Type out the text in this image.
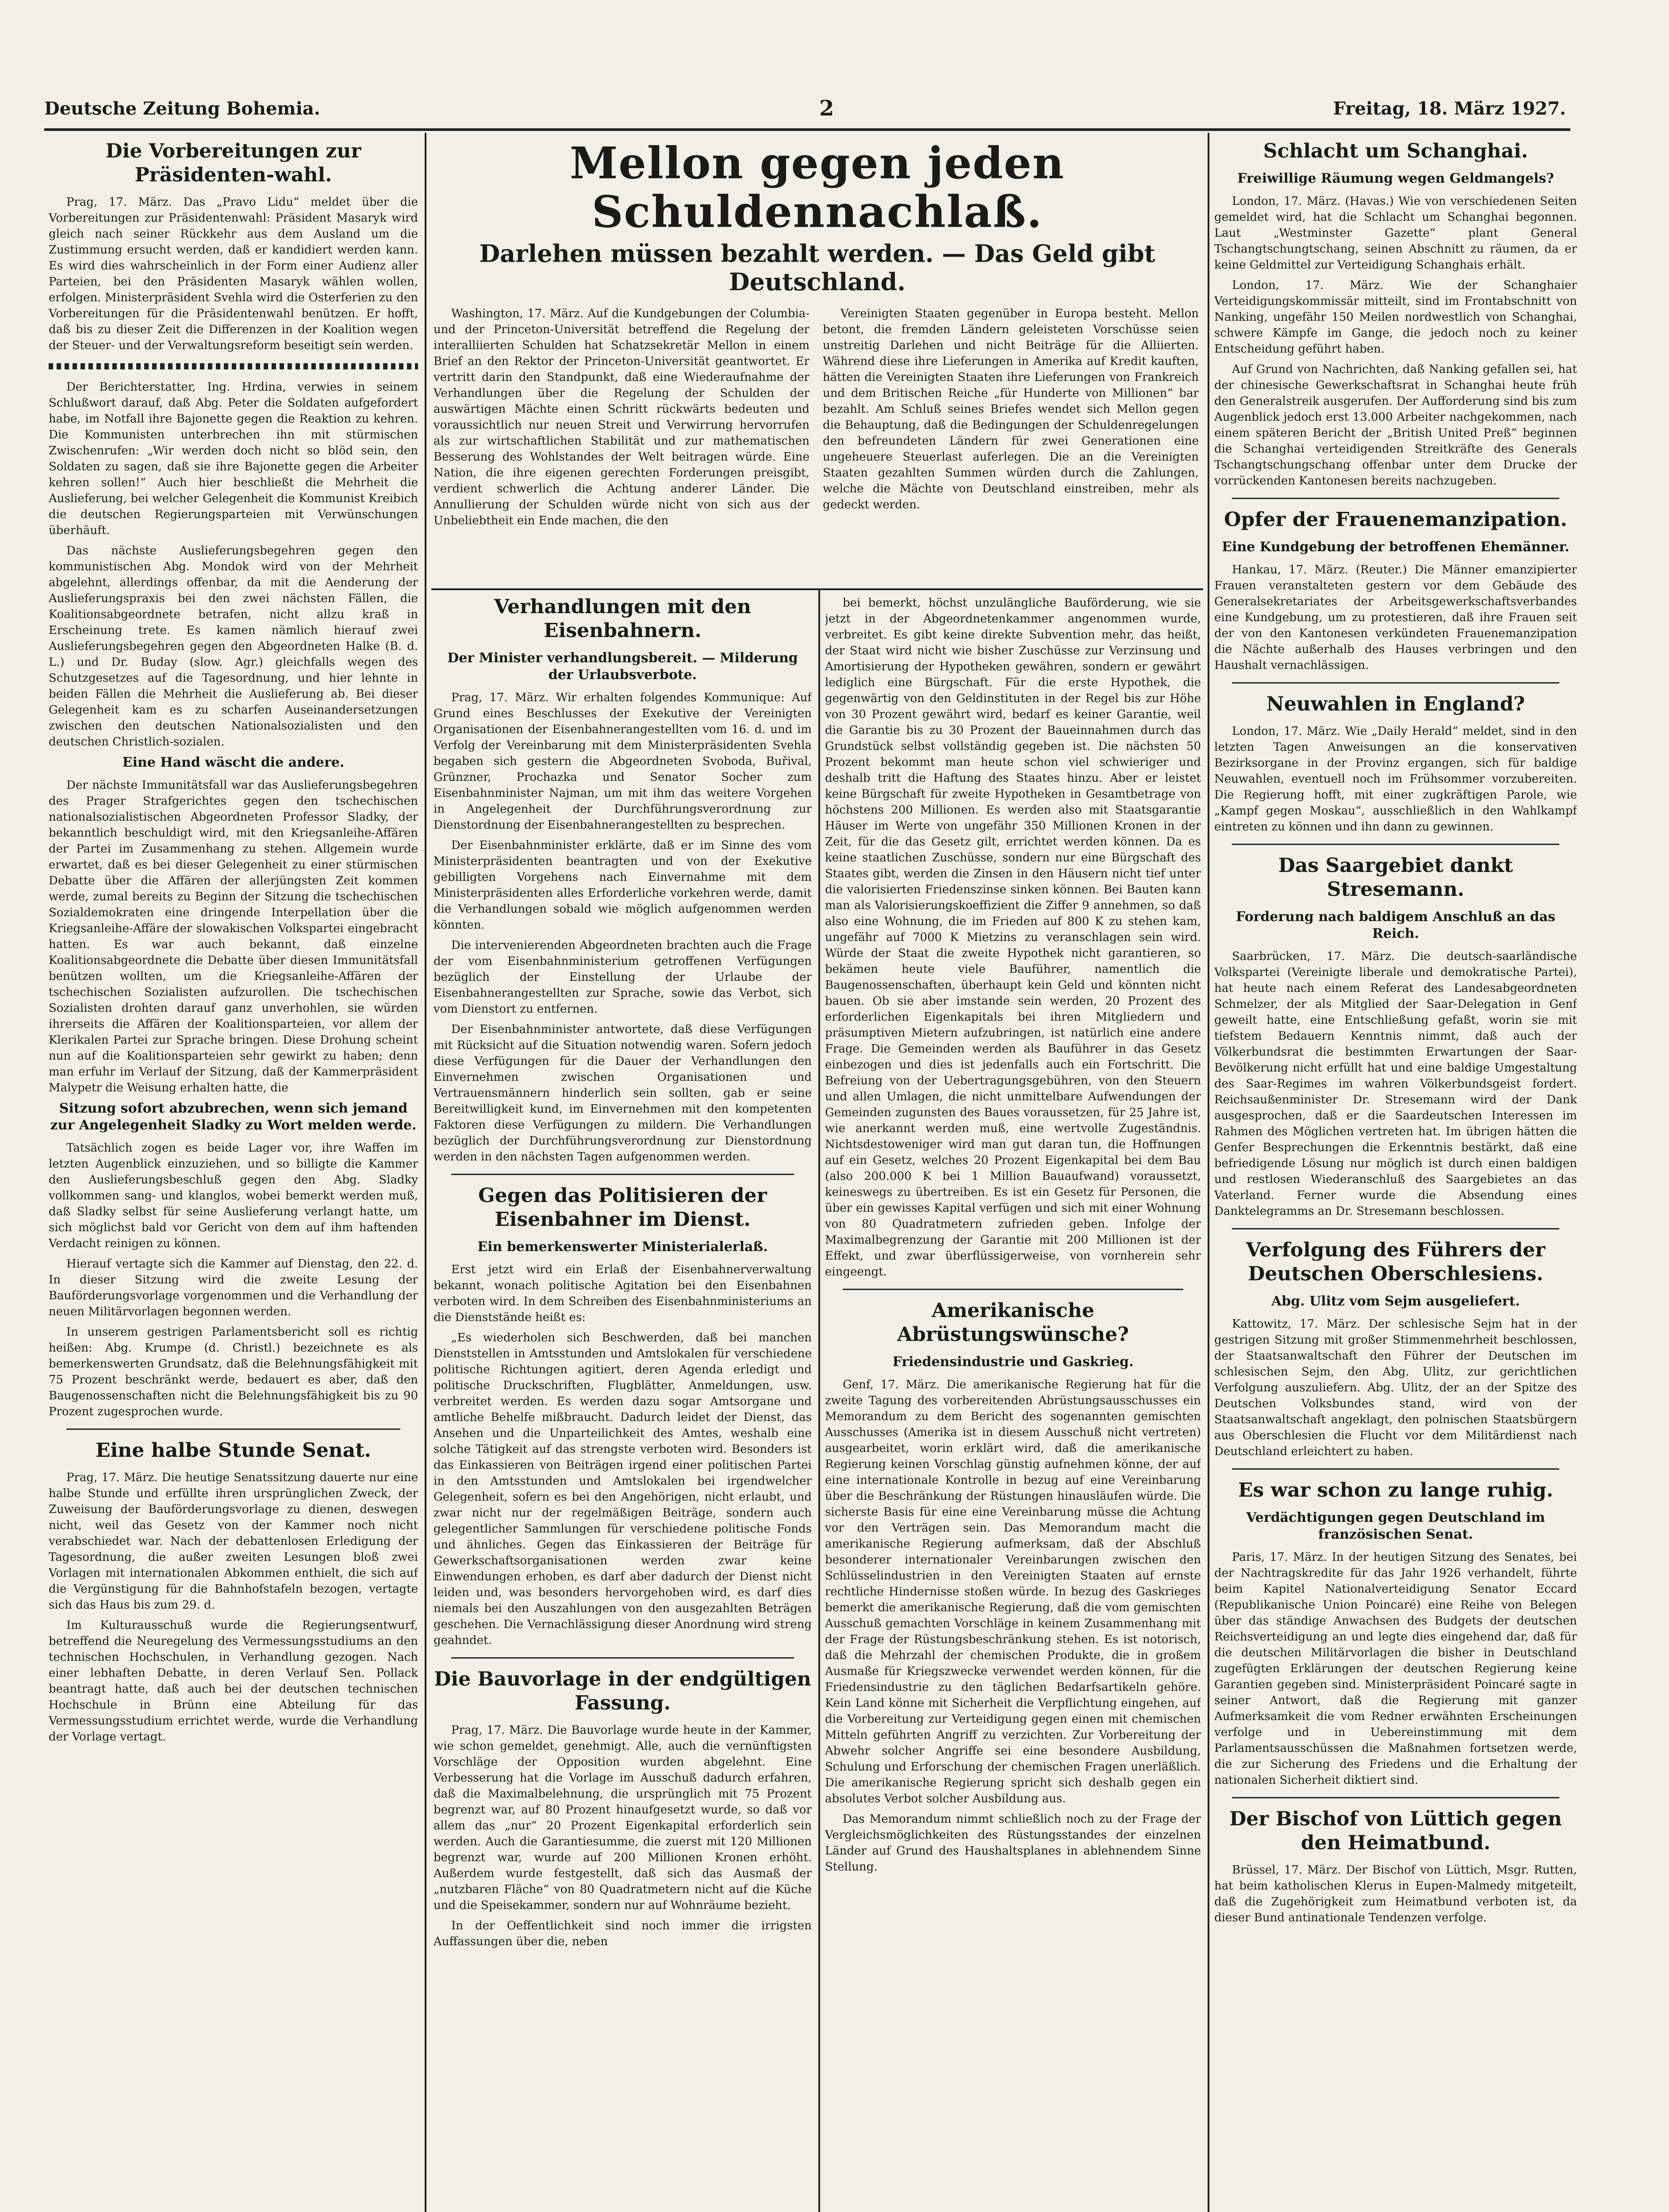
Deutsche Zeitung Bohemia.	2	Freitag, 18. März 1927.
Die Vorbereitungen zur Präsidenten-wahl.

Prag, 17. März. Das „Pravo Lidu“ meldet über die Vorbereitungen zur Präsidentenwahl: Präsident Masaryk wird gleich nach seiner Rückkehr aus dem Ausland um die Zustimmung ersucht werden, daß er kandidiert werden kann. Es wird dies wahrscheinlich in der Form einer Audienz aller Parteien, bei den Präsidenten Masaryk wählen wollen, erfolgen. Ministerpräsident Svehla wird die Osterferien zu den Vorbereitungen für die Präsidentenwahl benützen. Er hofft, daß bis zu dieser Zeit die Differenzen in der Koalition wegen der Steuer- und der Verwaltungsreform beseitigt sein werden.

Der Berichterstatter, Ing. Hrdina, verwies in seinem Schlußwort darauf, daß Abg. Peter die Soldaten aufgefordert habe, im Notfall ihre Bajonette gegen die Reaktion zu kehren. Die Kommunisten unterbrechen ihn mit stürmischen Zwischenrufen: „Wir werden doch nicht so blöd sein, den Soldaten zu sagen, daß sie ihre Bajonette gegen die Arbeiter kehren sollen!“ Auch hier beschließt die Mehrheit die Auslieferung, bei welcher Gelegenheit die Kommunist Kreibich die deutschen Regierungsparteien mit Verwünschungen überhäuft.

Das nächste Auslieferungsbegehren gegen den kommunistischen Abg. Mondok wird von der Mehrheit abgelehnt, allerdings offenbar, da mit die Aenderung der Auslieferungspraxis bei den zwei nächsten Fällen, die Koalitionsabgeordnete betrafen, nicht allzu kraß in Erscheinung trete. Es kamen nämlich hierauf zwei Auslieferungsbegehren gegen den Abgeordneten Halke (B. d. L.) und Dr. Buday (slow. Agr.) gleichfalls wegen des Schutzgesetzes auf die Tagesordnung, und hier lehnte in beiden Fällen die Mehrheit die Auslieferung ab. Bei dieser Gelegenheit kam es zu scharfen Auseinandersetzungen zwischen den deutschen Nationalsozialisten und den deutschen Christlich-sozialen.

Eine Hand wäscht die andere.

Der nächste Immunitätsfall war das Auslieferungsbegehren des Prager Strafgerichtes gegen den tschechischen nationalsozialistischen Abgeordneten Professor Sladky, der bekanntlich beschuldigt wird, mit den Kriegsanleihe-Affären der Partei im Zusammenhang zu stehen. Allgemein wurde erwartet, daß es bei dieser Gelegenheit zu einer stürmischen Debatte über die Affären der allerjüngsten Zeit kommen werde, zumal bereits zu Beginn der Sitzung die tschechischen Sozialdemokraten eine dringende Interpellation über die Kriegsanleihe-Affäre der slowakischen Volkspartei eingebracht hatten. Es war auch bekannt, daß einzelne Koalitionsabgeordnete die Debatte über diesen Immunitätsfall benützen wollten, um die Kriegsanleihe-Affären der tschechischen Sozialisten aufzurollen. Die tschechischen Sozialisten drohten darauf ganz unverhohlen, sie würden ihrerseits die Affären der Koalitionsparteien, vor allem der Klerikalen Partei zur Sprache bringen. Diese Drohung scheint nun auf die Koalitionsparteien sehr gewirkt zu haben; denn man erfuhr im Verlauf der Sitzung, daß der Kammerpräsident Malypetr die Weisung erhalten hatte, die

Sitzung sofort abzubrechen, wenn sich jemand zur Angelegenheit Sladky zu Wort melden werde.

Tatsächlich zogen es beide Lager vor, ihre Waffen im letzten Augenblick einzuziehen, und so billigte die Kammer den Auslieferungsbeschluß gegen den Abg. Sladky vollkommen sang- und klanglos, wobei bemerkt werden muß, daß Sladky selbst für seine Auslieferung verlangt hatte, um sich möglichst bald vor Gericht von dem auf ihm haftenden Verdacht reinigen zu können.

Hierauf vertagte sich die Kammer auf Dienstag, den 22. d. In dieser Sitzung wird die zweite Lesung der Bauförderungsvorlage vorgenommen und die Verhandlung der neuen Militärvorlagen begonnen werden.

In unserem gestrigen Parlamentsbericht soll es richtig heißen: Abg. Krumpe (d. Christl.) bezeichnete es als bemerkenswerten Grundsatz, daß die Belehnungsfähigkeit mit 75 Prozent beschränkt werde, bedauert es aber, daß den Baugenossenschaften nicht die Belehnungsfähigkeit bis zu 90 Prozent zugesprochen wurde.

Eine halbe Stunde Senat.

Prag, 17. März. Die heutige Senatssitzung dauerte nur eine halbe Stunde und erfüllte ihren ursprünglichen Zweck, der Zuweisung der Bauförderungsvorlage zu dienen, deswegen nicht, weil das Gesetz von der Kammer noch nicht verabschiedet war. Nach der debattenlosen Erledigung der Tagesordnung, die außer zweiten Lesungen bloß zwei Vorlagen mit internationalen Abkommen enthielt, die sich auf die Vergünstigung für die Bahnhofstafeln bezogen, vertagte sich das Haus bis zum 29. d.

Im Kulturausschuß wurde die Regierungsentwurf, betreffend die Neuregelung des Vermessungsstudiums an den technischen Hochschulen, in Verhandlung gezogen. Nach einer lebhaften Debatte, in deren Verlauf Sen. Pollack beantragt hatte, daß auch bei der deutschen technischen Hochschule in Brünn eine Abteilung für das Vermessungsstudium errichtet werde, wurde die Verhandlung der Vorlage vertagt.

Mellon gegen jeden Schuldennachlaß.
Darlehen müssen bezahlt werden. — Das Geld gibt Deutschland.

Washington, 17. März. Auf die Kundgebungen der Columbia- und der Princeton-Universität betreffend die Regelung der interalliierten Schulden hat Schatzsekretär Mellon in einem Brief an den Rektor der Princeton-Universität geantwortet. Er vertritt darin den Standpunkt, daß eine Wiederaufnahme der Verhandlungen über die Regelung der Schulden der auswärtigen Mächte einen Schritt rückwärts bedeuten und voraussichtlich nur neuen Streit und Verwirrung hervorrufen als zur wirtschaftlichen Stabilität und zur mathematischen Besserung des Wohlstandes der Welt beitragen würde. Eine Nation, die ihre eigenen gerechten Forderungen preisgibt, verdient schwerlich die Achtung anderer Länder. Die Annullierung der Schulden würde nicht von sich aus der Unbeliebtheit ein Ende machen, die den

Vereinigten Staaten gegenüber in Europa besteht. Mellon betont, die fremden Ländern geleisteten Vorschüsse seien unstreitig Darlehen und nicht Beiträge für die Alliierten. Während diese ihre Lieferungen in Amerika auf Kredit kauften, hätten die Vereinigten Staaten ihre Lieferungen von Frankreich und dem Britischen Reiche „für Hunderte von Millionen“ bar bezahlt. Am Schluß seines Briefes wendet sich Mellon gegen die Behauptung, daß die Bedingungen der Schuldenregelungen den befreundeten Ländern für zwei Generationen eine ungeheuere Steuerlast auferlegen. Die an die Vereinigten Staaten gezahlten Summen würden durch die Zahlungen, welche die Mächte von Deutschland einstreiben, mehr als gedeckt werden.

Verhandlungen mit den Eisenbahnern.
Der Minister verhandlungsbereit. — Milderung der Urlaubsverbote.

Prag, 17. März. Wir erhalten folgendes Kommunique: Auf Grund eines Beschlusses der Exekutive der Vereinigten Organisationen der Eisenbahnerangestellten vom 16. d. und im Verfolg der Vereinbarung mit dem Ministerpräsidenten Svehla begaben sich gestern die Abgeordneten Svoboda, Buřival, Grünzner, Prochazka und Senator Socher zum Eisenbahnminister Najman, um mit ihm das weitere Vorgehen in Angelegenheit der Durchführungsverordnung zur Dienstordnung der Eisenbahnerangestellten zu besprechen.

Der Eisenbahnminister erklärte, daß er im Sinne des vom Ministerpräsidenten beantragten und von der Exekutive gebilligten Vorgehens nach Einvernahme mit dem Ministerpräsidenten alles Erforderliche vorkehren werde, damit die Verhandlungen sobald wie möglich aufgenommen werden könnten.

Die intervenierenden Abgeordneten brachten auch die Frage der vom Eisenbahnministerium getroffenen Verfügungen bezüglich der Einstellung der Urlaube der Eisenbahnerangestellten zur Sprache, sowie das Verbot, sich vom Dienstort zu entfernen.

Der Eisenbahnminister antwortete, daß diese Verfügungen mit Rücksicht auf die Situation notwendig waren. Sofern jedoch diese Verfügungen für die Dauer der Verhandlungen den Einvernehmen zwischen Organisationen und Vertrauensmännern hinderlich sein sollten, gab er seine Bereitwilligkeit kund, im Einvernehmen mit den kompetenten Faktoren diese Verfügungen zu mildern. Die Verhandlungen bezüglich der Durchführungsverordnung zur Dienstordnung werden in den nächsten Tagen aufgenommen werden.

Gegen das Politisieren der Eisenbahner im Dienst.
Ein bemerkenswerter Ministerialerlaß.

Erst jetzt wird ein Erlaß der Eisenbahnerverwaltung bekannt, wonach politische Agitation bei den Eisenbahnen verboten wird. In dem Schreiben des Eisenbahnministeriums an die Dienststände heißt es:

„Es wiederholen sich Beschwerden, daß bei manchen Dienststellen in Amtsstunden und Amtslokalen für verschiedene politische Richtungen agitiert, deren Agenda erledigt und politische Druckschriften, Flugblätter, Anmeldungen, usw. verbreitet werden. Es werden dazu sogar Amtsorgane und amtliche Behelfe mißbraucht. Dadurch leidet der Dienst, das Ansehen und die Unparteilichkeit des Amtes, weshalb eine solche Tätigkeit auf das strengste verboten wird. Besonders ist das Einkassieren von Beiträgen irgend einer politischen Partei in den Amtsstunden und Amtslokalen bei irgendwelcher Gelegenheit, sofern es bei den Angehörigen, nicht erlaubt, und zwar nicht nur der regelmäßigen Beiträge, sondern auch gelegentlicher Sammlungen für verschiedene politische Fonds und ähnliches. Gegen das Einkassieren der Beiträge für Gewerkschaftsorganisationen werden zwar keine Einwendungen erhoben, es darf aber dadurch der Dienst nicht leiden und, was besonders hervorgehoben wird, es darf dies niemals bei den Auszahlungen von den ausgezahlten Beträgen geschehen. Die Vernachlässigung dieser Anordnung wird streng geahndet.

Die Bauvorlage in der endgültigen Fassung.

Prag, 17. März. Die Bauvorlage wurde heute in der Kammer, wie schon gemeldet, genehmigt. Alle, auch die vernünftigsten Vorschläge der Opposition wurden abgelehnt. Eine Verbesserung hat die Vorlage im Ausschuß dadurch erfahren, daß die Maximalbelehnung, die ursprünglich mit 75 Prozent begrenzt war, auf 80 Prozent hinaufgesetzt wurde, so daß vor allem das „nur“ 20 Prozent Eigenkapital erforderlich sein werden. Auch die Garantiesumme, die zuerst mit 120 Millionen begrenzt war, wurde auf 200 Millionen Kronen erhöht. Außerdem wurde festgestellt, daß sich das Ausmaß der „nutzbaren Fläche“ von 80 Quadratmetern nicht auf die Küche und die Speisekammer, sondern nur auf Wohnräume bezieht.

In der Oeffentlichkeit sind noch immer die irrigsten Auffassungen über die, neben

bei bemerkt, höchst unzulängliche Bauförderung, wie sie jetzt in der Abgeordnetenkammer angenommen wurde, verbreitet. Es gibt keine direkte Subvention mehr, das heißt, der Staat wird nicht wie bisher Zuschüsse zur Verzinsung und Amortisierung der Hypotheken gewähren, sondern er gewährt lediglich eine Bürgschaft. Für die erste Hypothek, die gegenwärtig von den Geldinstituten in der Regel bis zur Höhe von 30 Prozent gewährt wird, bedarf es keiner Garantie, weil die Garantie bis zu 30 Prozent der Baueinnahmen durch das Grundstück selbst vollständig gegeben ist. Die nächsten 50 Prozent bekommt man heute schon viel schwieriger und deshalb tritt die Haftung des Staates hinzu. Aber er leistet keine Bürgschaft für zweite Hypotheken in Gesamtbetrage von höchstens 200 Millionen. Es werden also mit Staatsgarantie Häuser im Werte von ungefähr 350 Millionen Kronen in der Zeit, für die das Gesetz gilt, errichtet werden können. Da es keine staatlichen Zuschüsse, sondern nur eine Bürgschaft des Staates gibt, werden die Zinsen in den Häusern nicht tief unter die valorisierten Friedenszinse sinken können. Bei Bauten kann man als Valorisierungskoeffizient die Ziffer 9 annehmen, so daß also eine Wohnung, die im Frieden auf 800 K zu stehen kam, ungefähr auf 7000 K Mietzins zu veranschlagen sein wird. Würde der Staat die zweite Hypothek nicht garantieren, so bekämen heute viele Bauführer, namentlich die Baugenossenschaften, überhaupt kein Geld und könnten nicht bauen. Ob sie aber imstande sein werden, 20 Prozent des erforderlichen Eigenkapitals bei ihren Mitgliedern und präsumptiven Mietern aufzubringen, ist natürlich eine andere Frage. Die Gemeinden werden als Bauführer in das Gesetz einbezogen und dies ist jedenfalls auch ein Fortschritt. Die Befreiung von der Uebertragungsgebühren, von den Steuern und allen Umlagen, die nicht unmittelbare Aufwendungen der Gemeinden zugunsten des Baues voraussetzen, für 25 Jahre ist, wie anerkannt werden muß, eine wertvolle Zugeständnis. Nichtsdestoweniger wird man gut daran tun, die Hoffnungen auf ein Gesetz, welches 20 Prozent Eigenkapital bei dem Bau (also 200.000 K bei 1 Million Bauaufwand) voraussetzt, keineswegs zu übertreiben. Es ist ein Gesetz für Personen, die über ein gewisses Kapital verfügen und sich mit einer Wohnung von 80 Quadratmetern zufrieden geben. Infolge der Maximalbegrenzung der Garantie mit 200 Millionen ist der Effekt, und zwar überflüssigerweise, von vornherein sehr eingeengt.

Amerikanische Abrüstungswünsche?
Friedensindustrie und Gaskrieg.

Genf, 17. März. Die amerikanische Regierung hat für die zweite Tagung des vorbereitenden Abrüstungsausschusses ein Memorandum zu dem Bericht des sogenannten gemischten Ausschusses (Amerika ist in diesem Ausschuß nicht vertreten) ausgearbeitet, worin erklärt wird, daß die amerikanische Regierung keinen Vorschlag günstig aufnehmen könne, der auf eine internationale Kontrolle in bezug auf eine Vereinbarung über die Beschränkung der Rüstungen hinausläufen würde. Die sicherste Basis für eine eine Vereinbarung müsse die Achtung vor den Verträgen sein. Das Memorandum macht die amerikanische Regierung aufmerksam, daß der Abschluß besonderer internationaler Vereinbarungen zwischen den Schlüsselindustrien in den Vereinigten Staaten auf ernste rechtliche Hindernisse stoßen würde. In bezug des Gaskrieges bemerkt die amerikanische Regierung, daß die vom gemischten Ausschuß gemachten Vorschläge in keinem Zusammenhang mit der Frage der Rüstungsbeschränkung stehen. Es ist notorisch, daß die Mehrzahl der chemischen Produkte, die in großem Ausmaße für Kriegszwecke verwendet werden können, für die Friedensindustrie zu den täglichen Bedarfsartikeln gehöre. Kein Land könne mit Sicherheit die Verpflichtung eingehen, auf die Vorbereitung zur Verteidigung gegen einen mit chemischen Mitteln geführten Angriff zu verzichten. Zur Vorbereitung der Abwehr solcher Angriffe sei eine besondere Ausbildung, Schulung und Erforschung der chemischen Fragen unerläßlich. Die amerikanische Regierung spricht sich deshalb gegen ein absolutes Verbot solcher Ausbildung aus.

Das Memorandum nimmt schließlich noch zu der Frage der Vergleichsmöglichkeiten des Rüstungsstandes der einzelnen Länder auf Grund des Haushaltsplanes in ablehnendem Sinne Stellung.

Schlacht um Schanghai.
Freiwillige Räumung wegen Geldmangels?

London, 17. März. (Havas.) Wie von verschiedenen Seiten gemeldet wird, hat die Schlacht um Schanghai begonnen. Laut „Westminster Gazette“ plant General Tschangtschungtschang, seinen Abschnitt zu räumen, da er keine Geldmittel zur Verteidigung Schanghais erhält.

London, 17. März. Wie der Schanghaier Verteidigungskommissär mitteilt, sind im Frontabschnitt von Nanking, ungefähr 150 Meilen nordwestlich von Schanghai, schwere Kämpfe im Gange, die jedoch noch zu keiner Entscheidung geführt haben.

Auf Grund von Nachrichten, daß Nanking gefallen sei, hat der chinesische Gewerkschaftsrat in Schanghai heute früh den Generalstreik ausgerufen. Der Aufforderung sind bis zum Augenblick jedoch erst 13.000 Arbeiter nachgekommen, nach einem späteren Bericht der „British United Preß“ beginnen die Schanghai verteidigenden Streitkräfte des Generals Tschangtschungschang offenbar unter dem Drucke der vorrückenden Kantonesen bereits nachzugeben.

Opfer der Frauenemanzipation.
Eine Kundgebung der betroffenen Ehemänner.

Hankau, 17. März. (Reuter.) Die Männer emanzipierter Frauen veranstalteten gestern vor dem Gebäude des Generalsekretariates der Arbeitsgewerkschaftsverbandes eine Kundgebung, um zu protestieren, daß ihre Frauen seit der von den Kantonesen verkündeten Frauenemanzipation die Nächte außerhalb des Hauses verbringen und den Haushalt vernachlässigen.

Neuwahlen in England?

London, 17. März. Wie „Daily Herald“ meldet, sind in den letzten Tagen Anweisungen an die konservativen Bezirksorgane in der Provinz ergangen, sich für baldige Neuwahlen, eventuell noch im Frühsommer vorzubereiten. Die Regierung hofft, mit einer zugkräftigen Parole, wie „Kampf gegen Moskau“, ausschließlich in den Wahlkampf eintreten zu können und ihn dann zu gewinnen.

Das Saargebiet dankt Stresemann.
Forderung nach baldigem Anschluß an das Reich.

Saarbrücken, 17. März. Die deutsch-saarländische Volkspartei (Vereinigte liberale und demokratische Partei), hat heute nach einem Referat des Landesabgeordneten Schmelzer, der als Mitglied der Saar-Delegation in Genf geweilt hatte, eine Entschließung gefaßt, worin sie mit tiefstem Bedauern Kenntnis nimmt, daß auch der Völkerbundsrat die bestimmten Erwartungen der Saar-Bevölkerung nicht erfüllt hat und eine baldige Umgestaltung des Saar-Regimes im wahren Völkerbundsgeist fordert. Reichsaußenminister Dr. Stresemann wird der Dank ausgesprochen, daß er die Saardeutschen Interessen im Rahmen des Möglichen vertreten hat. Im übrigen hätten die Genfer Besprechungen die Erkenntnis bestärkt, daß eine befriedigende Lösung nur möglich ist durch einen baldigen und restlosen Wiederanschluß des Saargebietes an das Vaterland. Ferner wurde die Absendung eines Danktelegramms an Dr. Stresemann beschlossen.

Verfolgung des Führers der Deutschen Oberschlesiens.
Abg. Ulitz vom Sejm ausgeliefert.

Kattowitz, 17. März. Der schlesische Sejm hat in der gestrigen Sitzung mit großer Stimmenmehrheit beschlossen, der Staatsanwaltschaft den Führer der Deutschen im schlesischen Sejm, den Abg. Ulitz, zur gerichtlichen Verfolgung auszuliefern. Abg. Ulitz, der an der Spitze des Deutschen Volksbundes stand, wird von der Staatsanwaltschaft angeklagt, den polnischen Staatsbürgern aus Oberschlesien die Flucht vor dem Militärdienst nach Deutschland erleichtert zu haben.

Es war schon zu lange ruhig.
Verdächtigungen gegen Deutschland im französischen Senat.

Paris, 17. März. In der heutigen Sitzung des Senates, bei der Nachtragskredite für das Jahr 1926 verhandelt, führte beim Kapitel Nationalverteidigung Senator Eccard (Republikanische Union Poincaré) eine Reihe von Belegen über das ständige Anwachsen des Budgets der deutschen Reichsverteidigung an und legte dies eingehend dar, daß für die deutschen Militärvorlagen die bisher in Deutschland zugefügten Erklärungen der deutschen Regierung keine Garantien gegeben sind. Ministerpräsident Poincaré sagte in seiner Antwort, daß die Regierung mit ganzer Aufmerksamkeit die vom Redner erwähnten Erscheinungen verfolge und in Uebereinstimmung mit dem Parlamentsausschüssen die Maßnahmen fortsetzen werde, die zur Sicherung des Friedens und die Erhaltung der nationalen Sicherheit diktiert sind.

Der Bischof von Lüttich gegen den Heimatbund.

Brüssel, 17. März. Der Bischof von Lüttich, Msgr. Rutten, hat beim katholischen Klerus in Eupen-Malmedy mitgeteilt, daß die Zugehörigkeit zum Heimatbund verboten ist, da dieser Bund antinationale Tendenzen verfolge.
